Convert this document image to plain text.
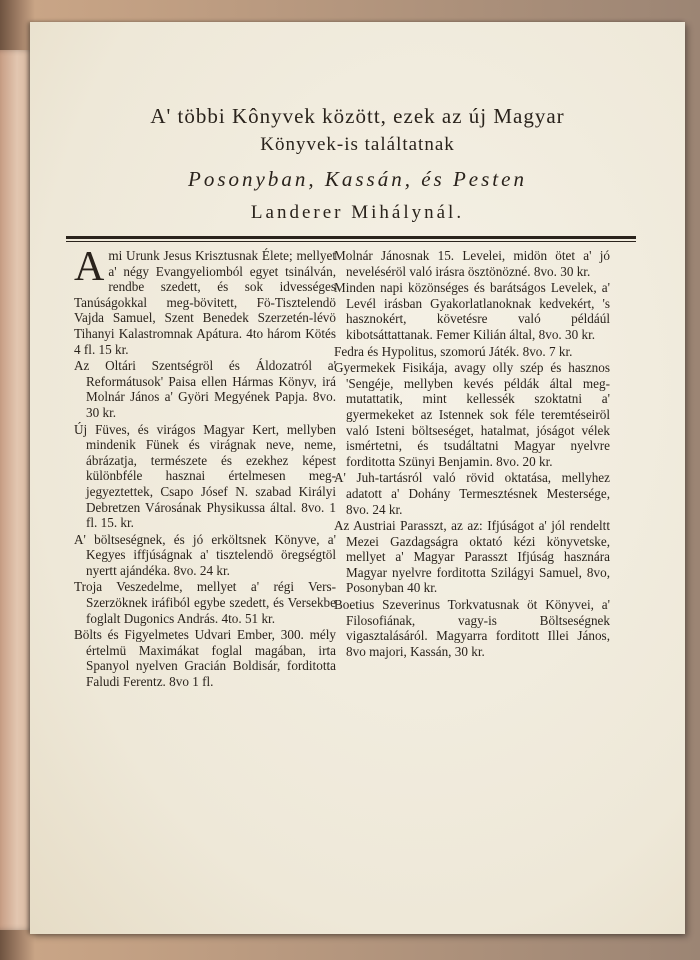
A' többi Kônyvek között, ezek az új Magyar
Könyvek-is találtatnak
Posonyban, Kassán, és Pesten
Landerer Mihálynál.

Ami Urunk Jesus Krisztusnak Élete; mellyet a' négy Evangyeliomból egyet tsinálván, rendbe szedett, és sok idvességes Tanúságokkal meg-bövitett, Fö-Tisztelendö Vajda Samuel, Szent Benedek Szerzetén-lévö Tihanyi Kalastromnak Apátura. 4to három Kötés 4 fl. 15 kr.

Az Oltári Szentségröl és Áldozatról a' Reformátusok' Paisa ellen Hármas Könyv, irá Molnár János a' Györi Megyének Papja. 8vo. 30 kr.

Új Füves, és virágos Magyar Kert, mellyben mindenik Fünek és virágnak neve, neme, ábrázatja, természete és ezekhez képest különbféle hasznai értelmesen meg-jegyeztettek, Csapo Jósef N. szabad Királyi Debretzen Városának Physikussa által. 8vo. 1 fl. 15. kr.

A' böltseségnek, és jó erköltsnek Könyve, a' Kegyes iffjúságnak a' tisztelendö öregségtöl nyertt ajándéka. 8vo. 24 kr.

Troja Veszedelme, mellyet a' régi Vers-Szerzöknek iráfiból egybe szedett, és Versekbe foglalt Dugonics András. 4to. 51 kr.

Bölts és Figyelmetes Udvari Ember, 300. mély értelmü Maximákat foglal magában, irta Spanyol nyelven Gracián Boldisár, forditotta Faludi Ferentz. 8vo 1 fl.

Molnár Jánosnak 15. Levelei, midön ötet a' jó neveléséröl való irásra ösztönözné. 8vo. 30 kr.

Minden napi közönséges és barátságos Levelek, a' Levél irásban Gyakorlatlanoknak kedvekért, 's hasznokért, követésre való példáúl kibotsáttattanak. Femer Kilián által, 8vo. 30 kr.

Fedra és Hypolitus, szomorú Játék. 8vo. 7 kr.

Gyermekek Fisikája, avagy olly szép és hasznos 'Sengéje, mellyben kevés példák által meg-mutattatik, mint kellessék szoktatni a' gyermekeket az Istennek sok féle teremtéseiröl való Isteni böltseséget, hatalmat, jóságot vélek ismértetni, és tsudáltatni Magyar nyelvre forditotta Szünyi Benjamin. 8vo. 20 kr.

A' Juh-tartásról való rövid oktatása, mellyhez adatott a' Dohány Termesztésnek Mestersége, 8vo. 24 kr.

Az Austriai Parasszt, az az: Ifjúságot a' jól rendeltt Mezei Gazdagságra oktató kézi könyvetske, mellyet a' Magyar Parasszt Ifjúság hasznára Magyar nyelvre forditotta Szilágyi Samuel, 8vo, Posonyban 40 kr.

Boetius Szeverinus Torkvatusnak öt Könyvei, a' Filosofiának, vagy-is Böltseségnek vigasztalásáról. Magyarra forditott Illei János, 8vo majori, Kassán, 30 kr.
